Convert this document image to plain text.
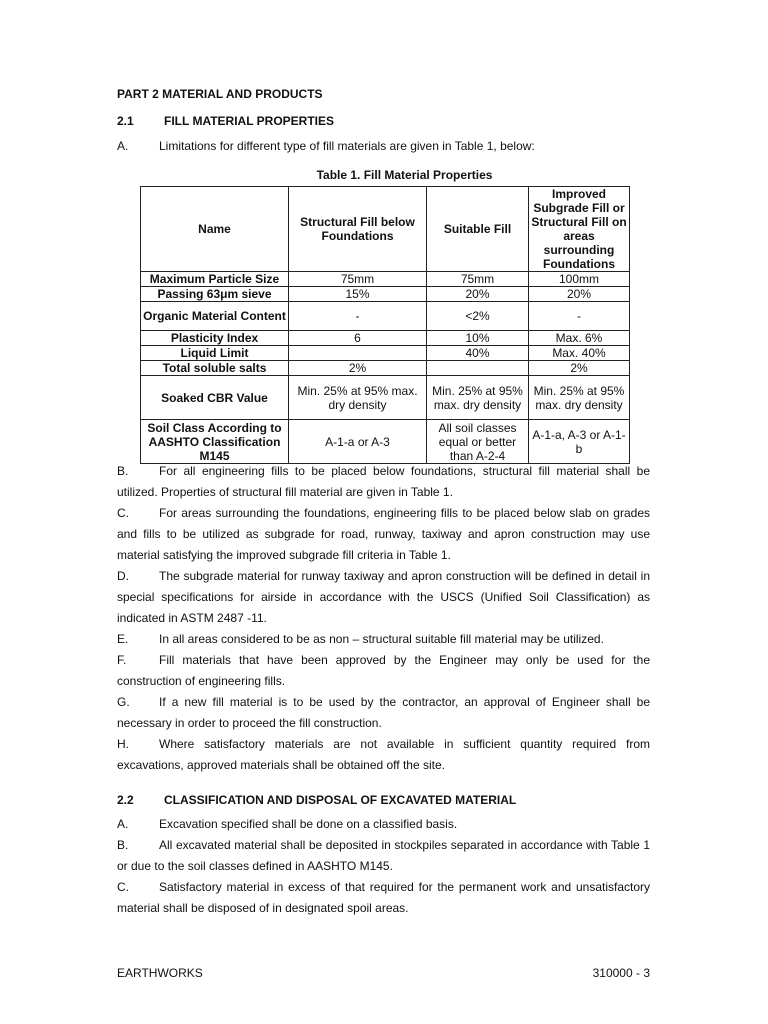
PART 2 MATERIAL AND PRODUCTS
2.1	FILL MATERIAL PROPERTIES
A.	Limitations for different type of fill materials are given in Table 1, below:
Table 1. Fill Material Properties
Name	Structural Fill below Foundations	Suitable Fill	Improved Subgrade Fill or Structural Fill on areas surrounding Foundations
Maximum Particle Size	75mm	75mm	100mm
Passing 63μm sieve	15%	20%	20%
Organic Material Content	-	<2%	-
Plasticity Index	6	10%	Max. 6%
Liquid Limit		40%	Max. 40%
Total soluble salts	2%		2%
Soaked CBR Value	Min. 25% at 95% max. dry density	Min. 25% at 95% max. dry density	Min. 25% at 95% max. dry density
Soil Class According to AASHTO Classification M145	A-1-a or A-3	All soil classes equal or better than A-2-4	A-1-a, A-3 or A-1-b
B.	For all engineering fills to be placed below foundations, structural fill material shall be utilized. Properties of structural fill material are given in Table 1.
C.	For areas surrounding the foundations, engineering fills to be placed below slab on grades and fills to be utilized as subgrade for road, runway, taxiway and apron construction may use material satisfying the improved subgrade fill criteria in Table 1.
D.	The subgrade material for runway taxiway and apron construction will be defined in detail in special specifications for airside in accordance with the USCS (Unified Soil Classification) as indicated in ASTM 2487 -11.
E.	In all areas considered to be as non – structural suitable fill material may be utilized.
F.	Fill materials that have been approved by the Engineer may only be used for the construction of engineering fills.
G. If a new fill material is to be used by the contractor, an approval of Engineer shall be necessary in order to proceed the fill construction.
H.	Where satisfactory materials are not available in sufficient quantity required from excavations, approved materials shall be obtained off the site.
2.2	CLASSIFICATION AND DISPOSAL OF EXCAVATED MATERIAL
A.	Excavation specified shall be done on a classified basis.
B.	All excavated material shall be deposited in stockpiles separated in accordance with Table 1 or due to the soil classes defined in AASHTO M145.
C.	Satisfactory material in excess of that required for the permanent work and unsatisfactory material shall be disposed of in designated spoil areas.
EARTHWORKS	310000 - 3
